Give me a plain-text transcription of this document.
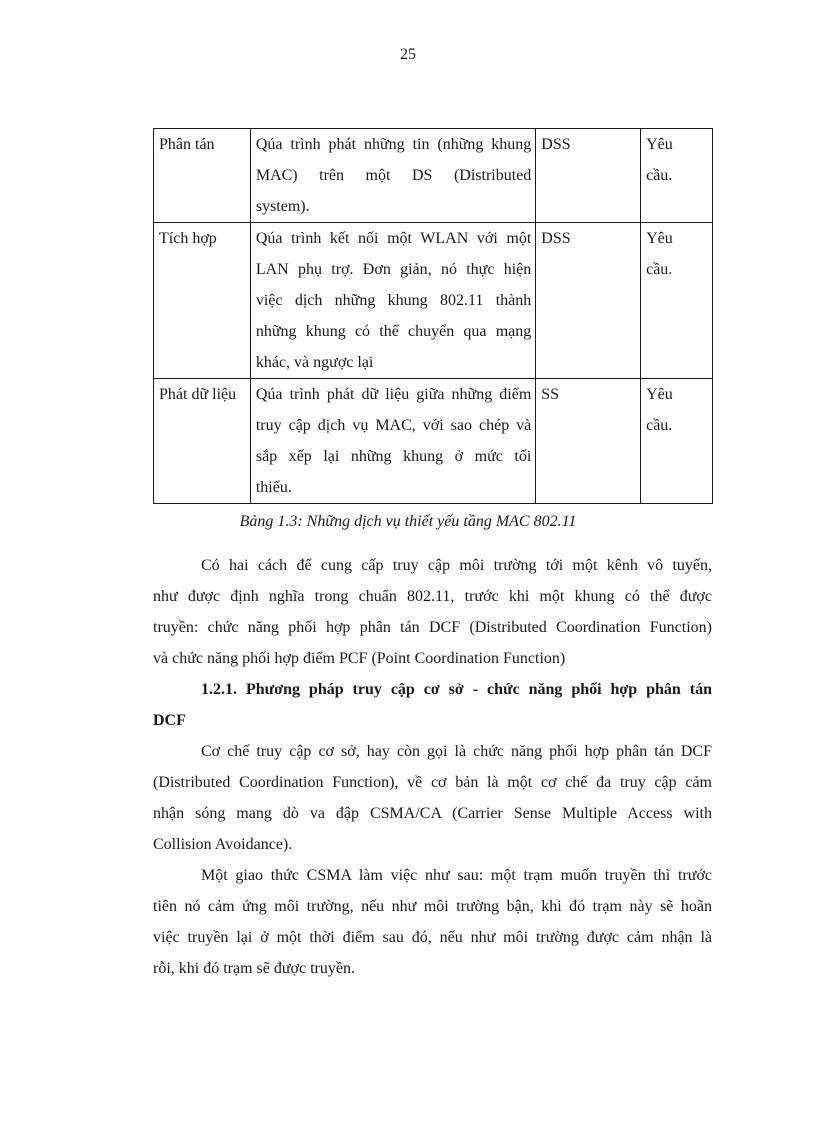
25
Phân tán	Qúa trình phát những tin (những khung
MAC) trên một DS (Distributed
system).	DSS	Yêu
cầu.

Tích hợp	Qúa trình kết nối một WLAN với một
LAN phụ trợ. Đơn giản, nó thực hiện
việc dịch những khung 802.11 thành
những khung có thể chuyển qua mạng
khác, và ngược lại	DSS	Yêu
cầu.

Phát dữ liệu	Qúa trình phát dữ liệu giữa những điểm
truy cập dịch vụ MAC, với sao chép và
sắp xếp lại những khung ở mức tối
thiểu.	SS	Yêu
cầu.
Bảng 1.3: Những dịch vụ thiết yếu tầng MAC 802.11

Có hai cách để cung cấp truy cập môi trường tới một kênh vô tuyến,
như được định nghĩa trong chuẩn 802.11, trước khi một khung có thể được
truyền: chức năng phối hợp phân tán DCF (Distributed Coordination Function)
và chức năng phối hợp điểm PCF (Point Coordination Function)

1.2.1. Phương pháp truy cập cơ sở - chức năng phối hợp phân tán
DCF

Cơ chế truy cập cơ sở, hay còn gọi là chức năng phối hợp phân tán DCF
(Distributed Coordination Function), về cơ bản là một cơ chế đa truy cập cảm
nhận sóng mang dò va đập CSMA/CA (Carrier Sense Multiple Access with
Collision Avoidance).

Một giao thức CSMA làm việc như sau: một trạm muốn truyền thì trước
tiên nó cảm ứng môi trường, nếu như môi trường bận, khi đó trạm này sẽ hoãn
việc truyền lại ở một thời điểm sau đó, nếu như môi trường được cảm nhận là
rỗi, khi đó trạm sẽ được truyền.
